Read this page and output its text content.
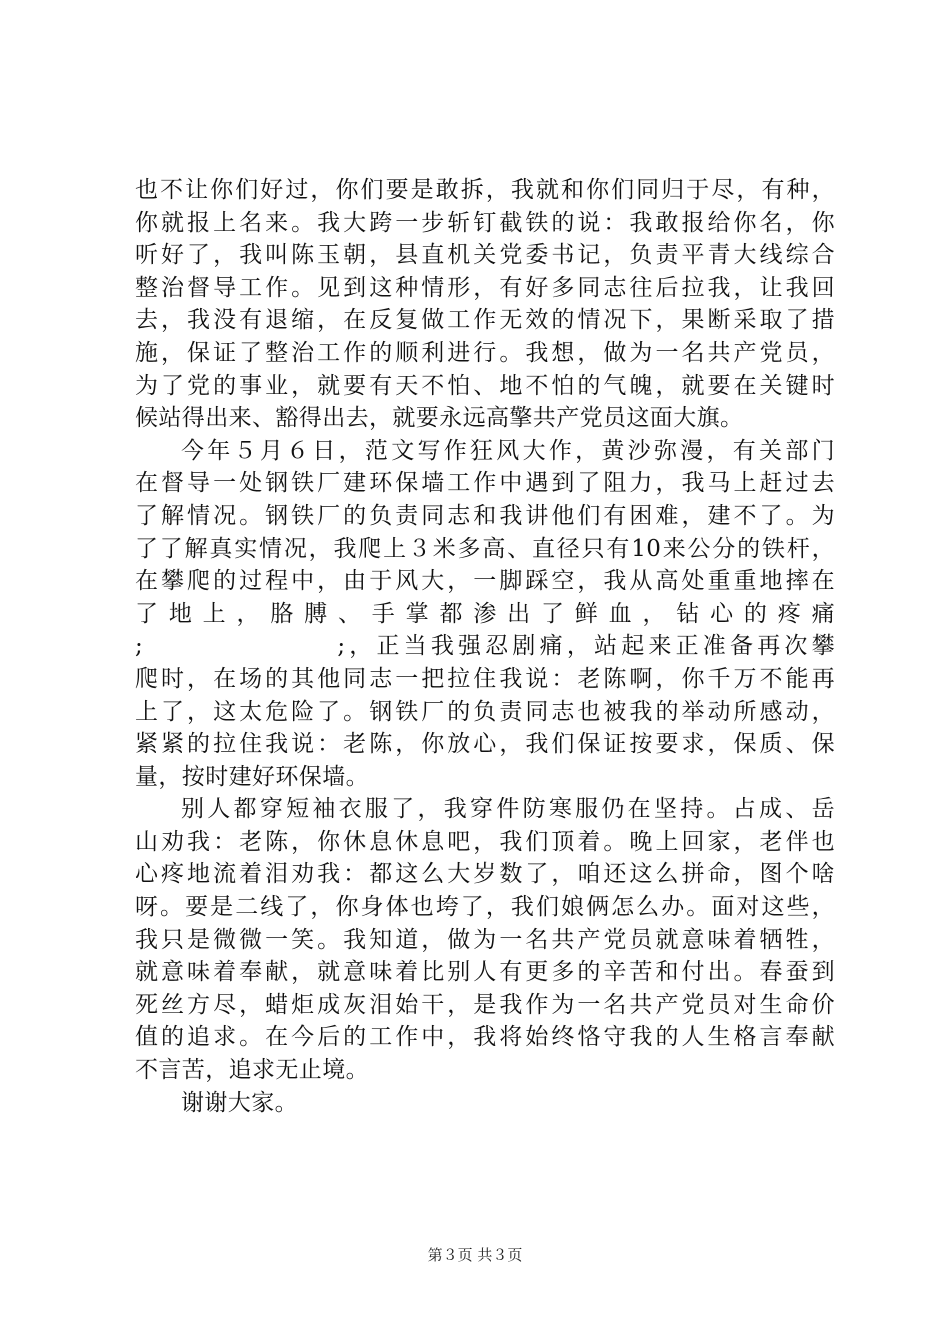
也不让你们好过，你们要是敢拆，我就和你们同归于尽，有种，
你就报上名来。我大跨一步斩钉截铁的说：我敢报给你名，你
听好了，我叫陈玉朝，县直机关党委书记，负责平青大线综合
整治督导工作。见到这种情形，有好多同志往后拉我，让我回
去，我没有退缩，在反复做工作无效的情况下，果断采取了措
施，保证了整治工作的顺利进行。我想，做为一名共产党员，
为了党的事业，就要有天不怕、地不怕的气魄，就要在关键时
候站得出来、豁得出去，就要永远高擎共产党员这面大旗。
今年５月６日，范文写作狂风大作，黄沙弥漫，有关部门
在督导一处钢铁厂建环保墙工作中遇到了阻力，我马上赶过去
了解情况。钢铁厂的负责同志和我讲他们有困难，建不了。为
了了解真实情况，我爬上３米多高、直径只有10来公分的铁杆，
在攀爬的过程中，由于风大，一脚踩空，我从高处重重地摔在
了 地 上 ， 胳 膊 、 手 掌 都 渗 出 了 鲜 血 ， 钻 心 的 疼 痛
;　　　　　　　;，正当我强忍剧痛，站起来正准备再次攀
爬时，在场的其他同志一把拉住我说：老陈啊，你千万不能再
上了，这太危险了。钢铁厂的负责同志也被我的举动所感动，
紧紧的拉住我说：老陈，你放心，我们保证按要求，保质、保
量，按时建好环保墙。
别人都穿短袖衣服了，我穿件防寒服仍在坚持。占成、岳
山劝我：老陈，你休息休息吧，我们顶着。晚上回家，老伴也
心疼地流着泪劝我：都这么大岁数了，咱还这么拼命，图个啥
呀。要是二线了，你身体也垮了，我们娘俩怎么办。面对这些，
我只是微微一笑。我知道，做为一名共产党员就意味着牺牲，
就意味着奉献，就意味着比别人有更多的辛苦和付出。春蚕到
死丝方尽，蜡炬成灰泪始干，是我作为一名共产党员对生命价
值的追求。在今后的工作中，我将始终恪守我的人生格言奉献
不言苦，追求无止境。
谢谢大家。
第３页 共３页
